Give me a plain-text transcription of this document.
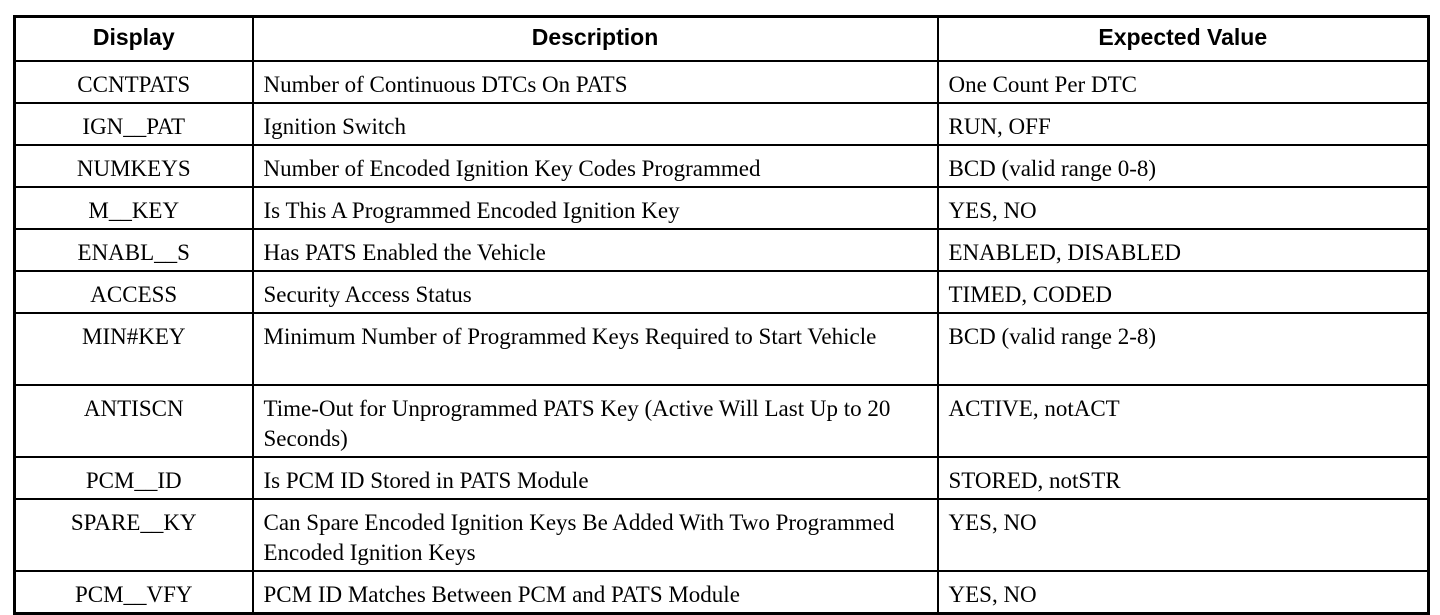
Display	Description	Expected Value
CCNTPATS	Number of Continuous DTCs On PATS	One Count Per DTC
IGN__PAT	Ignition Switch	RUN, OFF
NUMKEYS	Number of Encoded Ignition Key Codes Programmed	BCD (valid range 0-8)
M__KEY	Is This A Programmed Encoded Ignition Key	YES, NO
ENABL__S	Has PATS Enabled the Vehicle	ENABLED, DISABLED
ACCESS	Security Access Status	TIMED, CODED
MIN#KEY	Minimum Number of Programmed Keys Required to Start Vehicle	BCD (valid range 2-8)
ANTISCN	Time-Out for Unprogrammed PATS Key (Active Will Last Up to 20 Seconds)	ACTIVE, notACT
PCM__ID	Is PCM ID Stored in PATS Module	STORED, notSTR
SPARE__KY	Can Spare Encoded Ignition Keys Be Added With Two Programmed Encoded Ignition Keys	YES, NO
PCM__VFY	PCM ID Matches Between PCM and PATS Module	YES, NO
